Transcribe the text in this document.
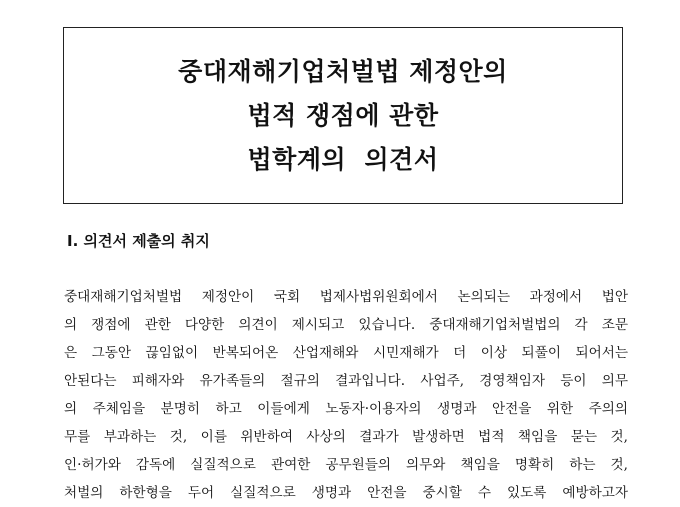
중대재해기업처벌법 제정안의
법적 쟁점에 관한
법학계의  의견서
Ⅰ. 의견서 제출의 취지
중대재해기업처벌법 제정안이 국회 법제사법위원회에서 논의되는 과정에서 법안
의 쟁점에 관한 다양한 의견이 제시되고 있습니다. 중대재해기업처벌법의 각 조문
은 그동안 끊임없이 반복되어온 산업재해와 시민재해가 더 이상 되풀이 되어서는
안된다는 피해자와 유가족들의 절규의 결과입니다. 사업주, 경영책임자 등이 의무
의 주체임을 분명히 하고 이들에게 노동자·이용자의 생명과 안전을 위한 주의의
무를 부과하는 것, 이를 위반하여 사상의 결과가 발생하면 법적 책임을 묻는 것,
인·허가와 감독에 실질적으로 관여한 공무원들의 의무와 책임을 명확히 하는 것,
처벌의 하한형을 두어 실질적으로 생명과 안전을 중시할 수 있도록 예방하고자
